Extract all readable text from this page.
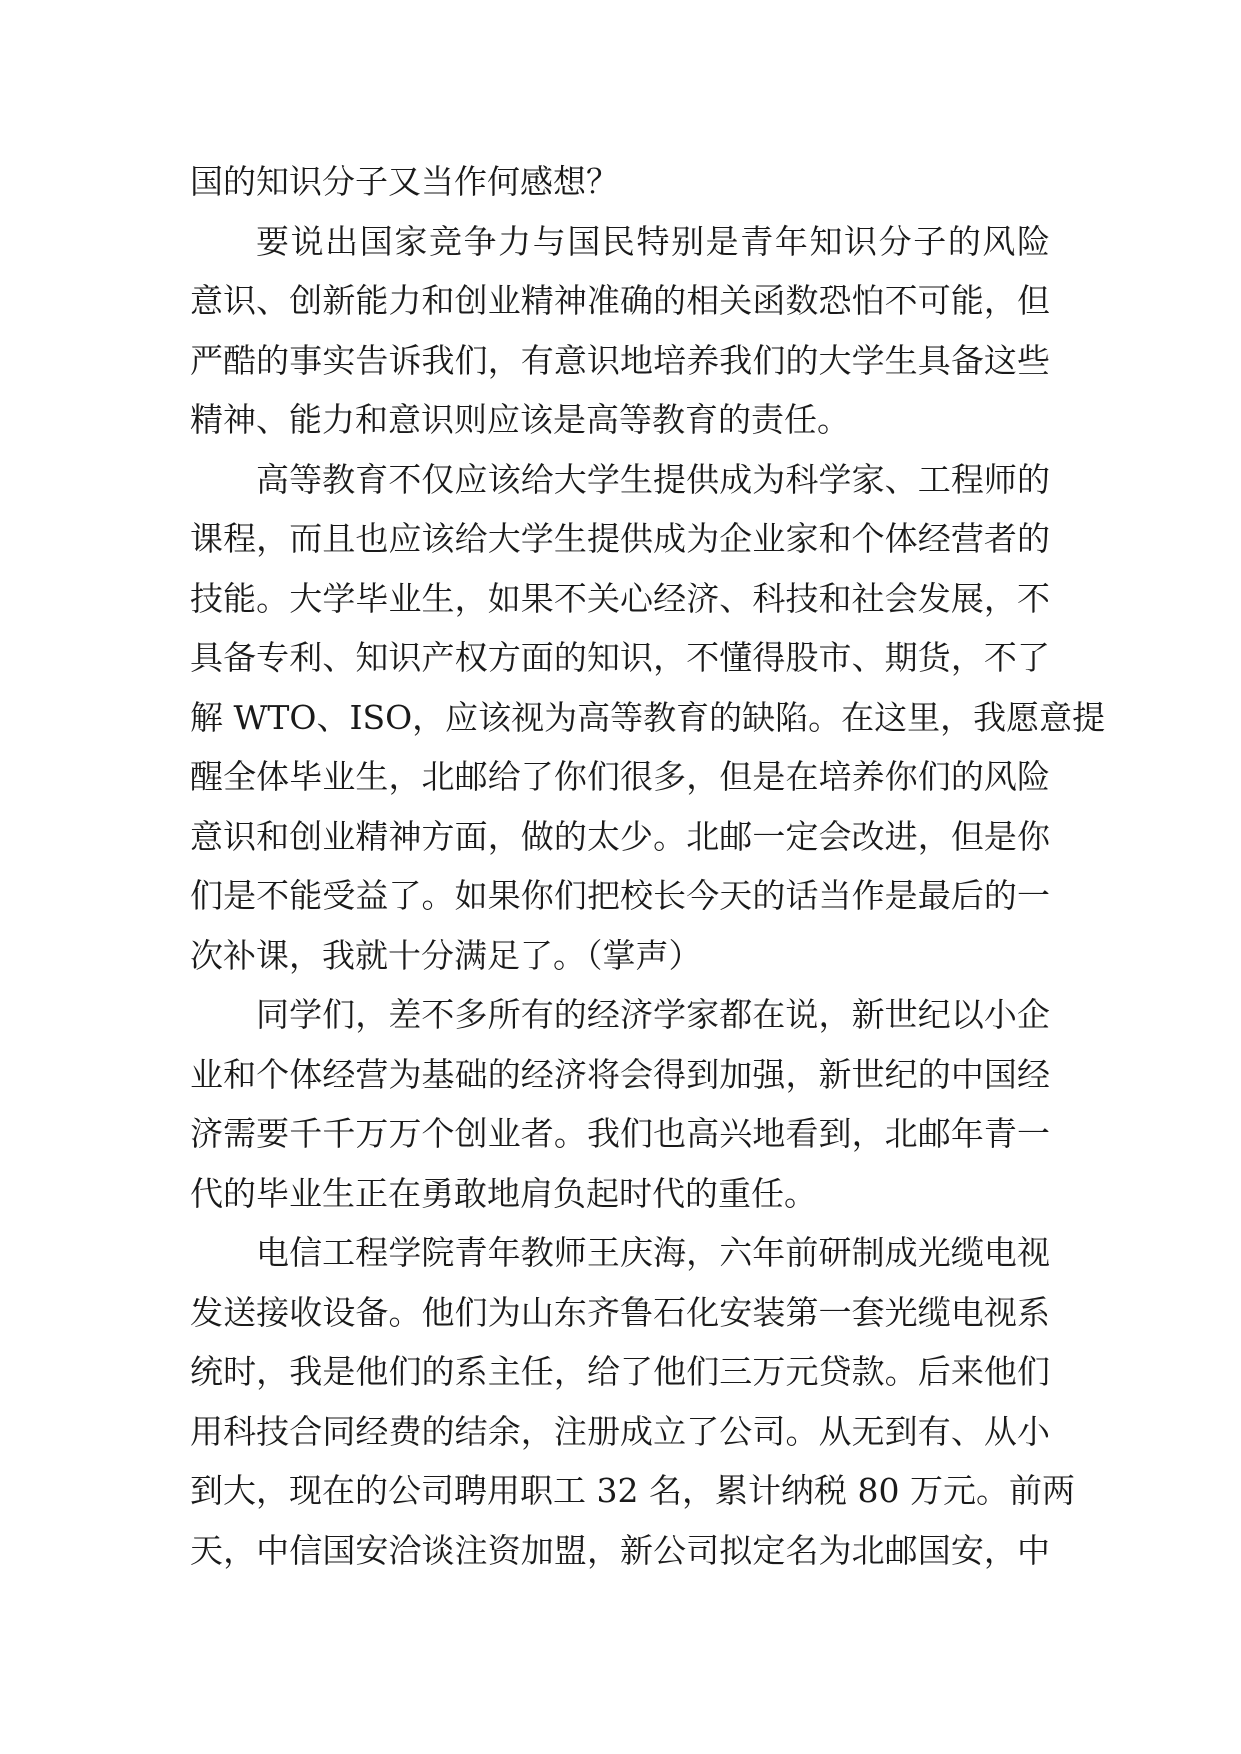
国的知识分子又当作何感想？
要说出国家竞争力与国民特别是青年知识分子的风险
意识、创新能力和创业精神准确的相关函数恐怕不可能，但
严酷的事实告诉我们，有意识地培养我们的大学生具备这些
精神、能力和意识则应该是高等教育的责任。
高等教育不仅应该给大学生提供成为科学家、工程师的
课程，而且也应该给大学生提供成为企业家和个体经营者的
技能。大学毕业生，如果不关心经济、科技和社会发展，不
具备专利、知识产权方面的知识，不懂得股市、期货，不了
解 WTO、ISO，应该视为高等教育的缺陷。在这里，我愿意提
醒全体毕业生，北邮给了你们很多，但是在培养你们的风险
意识和创业精神方面，做的太少。北邮一定会改进，但是你
们是不能受益了。如果你们把校长今天的话当作是最后的一
次补课，我就十分满足了。（掌声）
同学们，差不多所有的经济学家都在说，新世纪以小企
业和个体经营为基础的经济将会得到加强，新世纪的中国经
济需要千千万万个创业者。我们也高兴地看到，北邮年青一
代的毕业生正在勇敢地肩负起时代的重任。
电信工程学院青年教师王庆海，六年前研制成光缆电视
发送接收设备。他们为山东齐鲁石化安装第一套光缆电视系
统时，我是他们的系主任，给了他们三万元贷款。后来他们
用科技合同经费的结余，注册成立了公司。从无到有、从小
到大，现在的公司聘用职工 32 名，累计纳税 80 万元。前两
天，中信国安洽谈注资加盟，新公司拟定名为北邮国安，中
